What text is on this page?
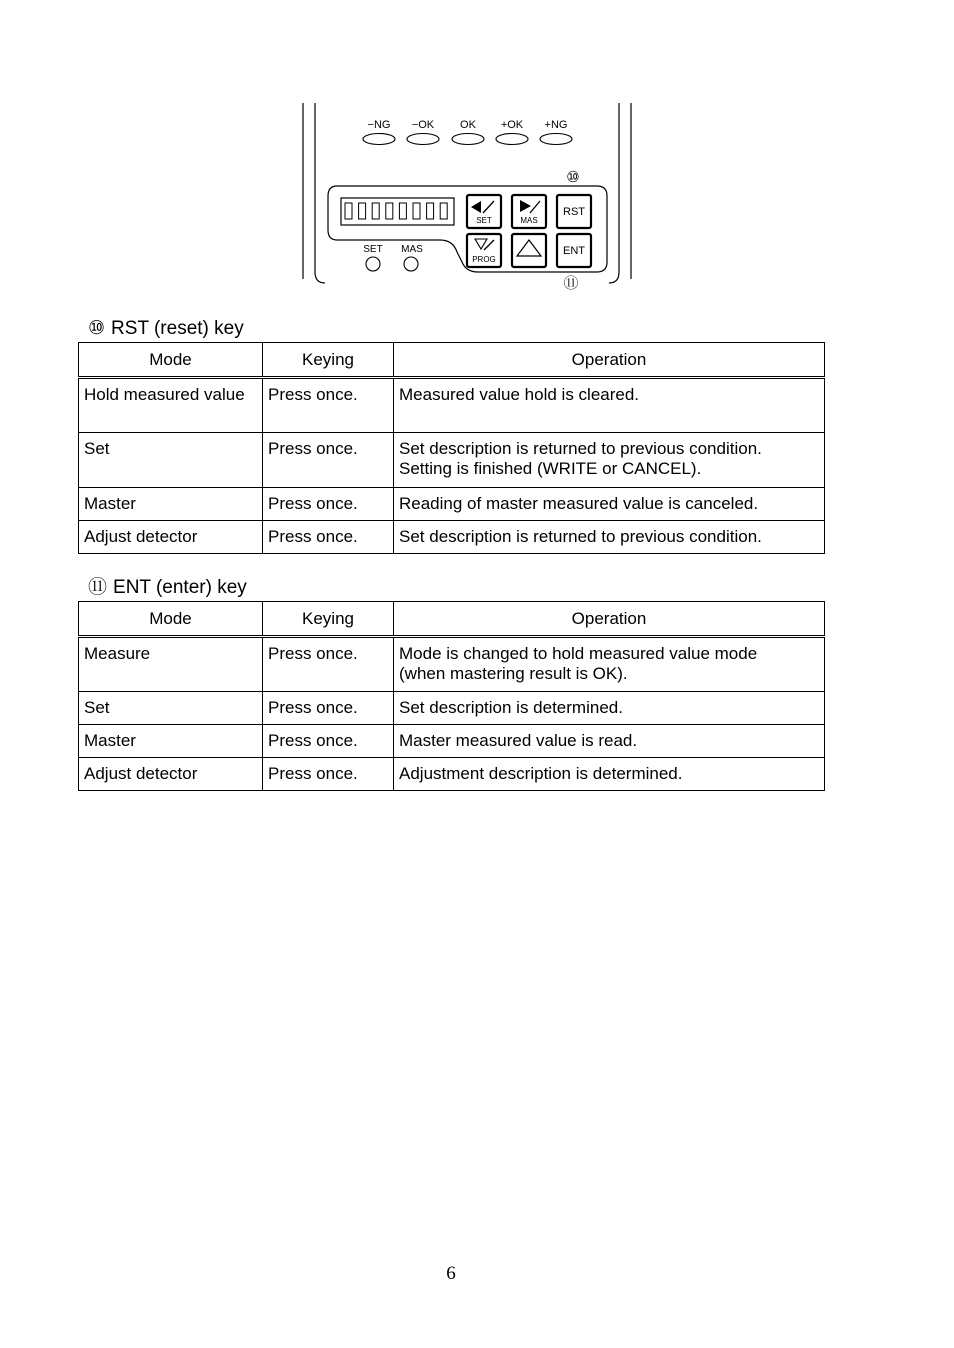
−NG −OK OK +OK +NG
⑩
SET	MAS
RST
PROG
ENT
SET MAS
⑪
⑩ RST (reset) key
Mode	Keying	Operation
Hold measured value	Press once.	Measured value hold is cleared.

Set	Press once.	Set description is returned to previous condition.
Setting is finished (WRITE or CANCEL).

Master	Press once.	Reading of master measured value is canceled.

Adjust detector	Press once.	Set description is returned to previous condition.
⑪ ENT (enter) key
Mode	Keying	Operation
Measure	Press once.	Mode is changed to hold measured value mode
(when mastering result is OK).

Set	Press once.	Set description is determined.

Master	Press once.	Master measured value is read.

Adjust detector	Press once.	Adjustment description is determined.
6
